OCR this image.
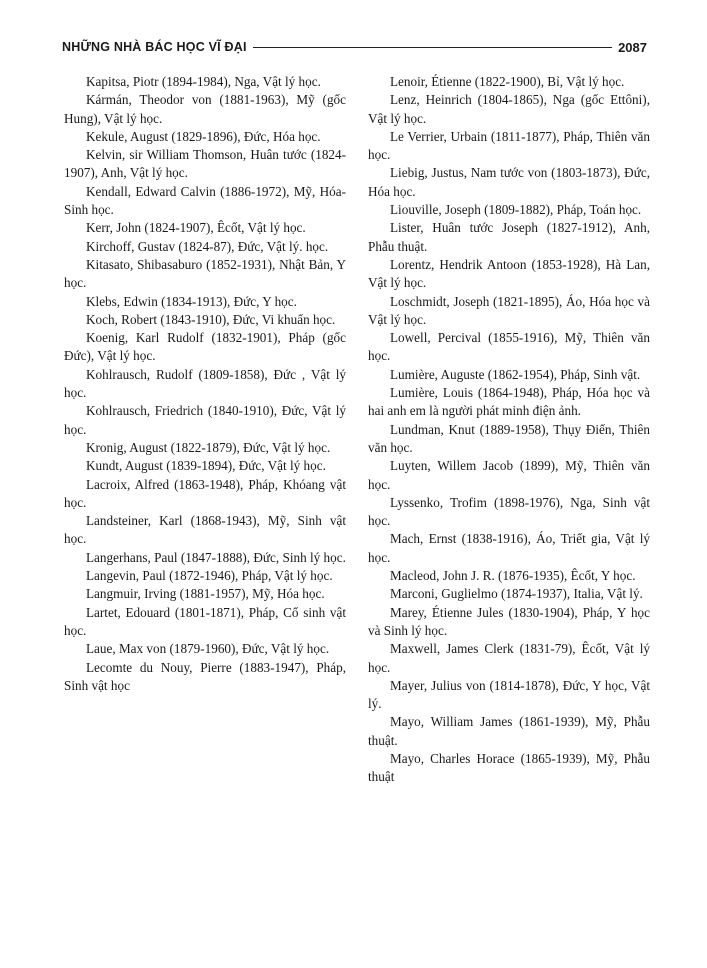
NHỮNG NHÀ BÁC HỌC VĨ ĐẠI	2087

Kapitsa, Piotr (1894-1984), Nga, Vật lý học.

Kármán, Theodor von (1881-1963), Mỹ (gốc Hung), Vật lý học.

Kekule, August (1829-1896), Đức, Hóa học.

Kelvin, sir William Thomson, Huân tước (1824-1907), Anh, Vật lý học.

Kendall, Edward Calvin (1886-1972), Mỹ, Hóa- Sinh học.

Kerr, John (1824-1907), Êcốt, Vật lý học.

Kirchoff, Gustav (1824-87), Đức, Vật lý. học.

Kitasato, Shibasaburo (1852-1931), Nhật Bản, Y học.

Klebs, Edwin (1834-1913), Đức, Y học.

Koch, Robert (1843-1910), Đức, Vi khuẩn học.

Koenig, Karl Rudolf (1832-1901), Pháp (gốc Đức), Vật lý học.

Kohlrausch, Rudolf (1809-1858), Đức , Vật lý học.

Kohlrausch, Friedrich (1840-1910), Đức, Vật lý học.

Kronig, August (1822-1879), Đức, Vật lý học.

Kundt, August (1839-1894), Đức, Vật lý học.

Lacroix, Alfred (1863-1948), Pháp, Khóang vật học.

Landsteiner, Karl (1868-1943), Mỹ, Sinh vật học.

Langerhans, Paul (1847-1888), Đức, Sinh lý học.

Langevin, Paul (1872-1946), Pháp, Vật lý học.

Langmuir, Irving (1881-1957), Mỹ, Hóa học.

Lartet, Edouard (1801-1871), Pháp, Cổ sinh vật học.

Laue, Max von (1879-1960), Đức, Vật lý học.

Lecomte du Nouy, Pierre (1883-1947), Pháp, Sinh vật học

Lenoir, Étienne (1822-1900), Bỉ, Vật lý học.

Lenz, Heinrich (1804-1865), Nga (gốc Ettôni), Vật lý học.

Le Verrier, Urbain (1811-1877), Pháp, Thiên văn học.

Liebig, Justus, Nam tước von (1803-1873), Đức, Hóa học.

Liouville, Joseph (1809-1882), Pháp, Toán học.

Lister, Huân tước Joseph (1827-1912), Anh, Phẫu thuật.

Lorentz, Hendrik Antoon (1853-1928), Hà Lan, Vật lý học.

Loschmidt, Joseph (1821-1895), Áo, Hóa học và Vật lý học.

Lowell, Percival (1855-1916), Mỹ, Thiên văn học.

Lumière, Auguste (1862-1954), Pháp, Sinh vật.

Lumière, Louis (1864-1948), Pháp, Hóa học và hai anh em là người phát minh điện ảnh.

Lundman, Knut (1889-1958), Thụy Điển, Thiên văn học.

Luyten, Willem Jacob (1899), Mỹ, Thiên văn học.

Lyssenko, Trofim (1898-1976), Nga, Sinh vật học.

Mach, Ernst (1838-1916), Áo, Triết gia, Vật lý học.

Macleod, John J. R. (1876-1935), Êcốt, Y học.

Marconi, Guglielmo (1874-1937), Italia, Vật lý.

Marey, Étienne Jules (1830-1904), Pháp, Y học và Sinh lý học.

Maxwell, James Clerk (1831-79), Êcốt, Vật lý học.

Mayer, Julius von (1814-1878), Đức, Y học, Vật lý.

Mayo, William James (1861-1939), Mỹ, Phẫu thuật.

Mayo, Charles Horace (1865-1939), Mỹ, Phẫu thuật
